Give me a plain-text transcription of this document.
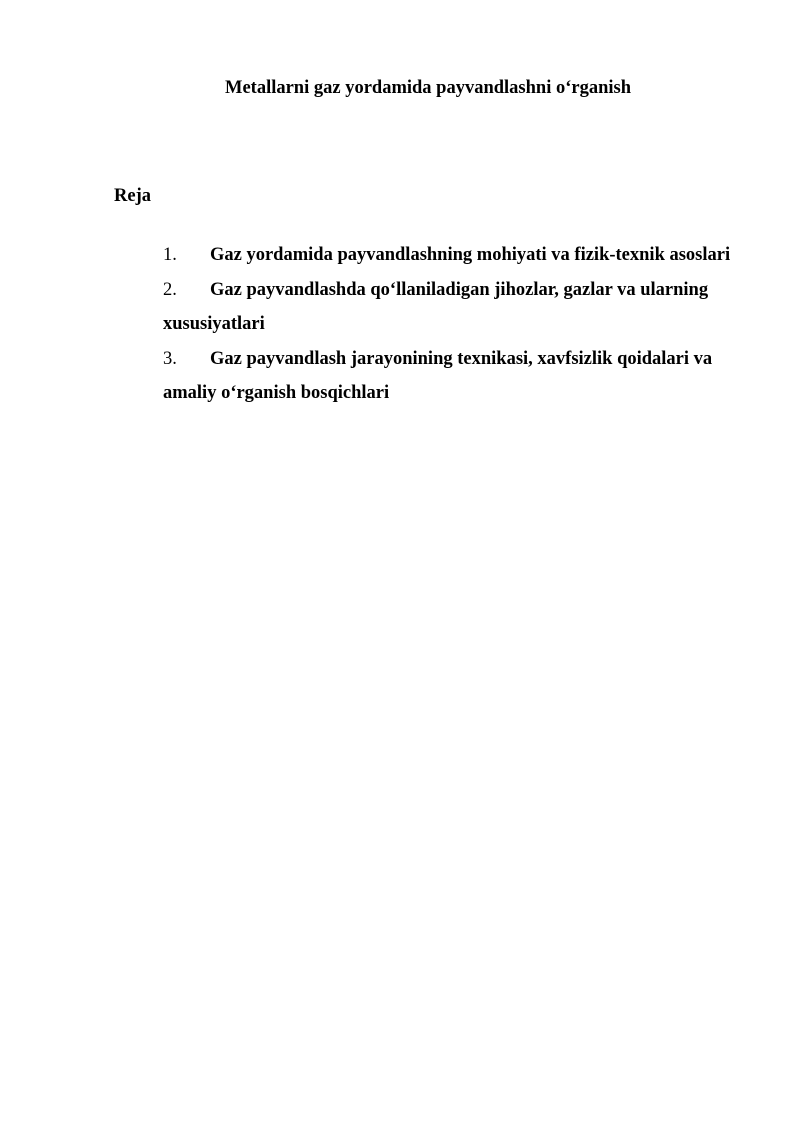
Metallarni gaz yordamida payvandlashni o‘rganish
Reja
1. Gaz yordamida payvandlashning mohiyati va fizik-texnik asoslari
2. Gaz payvandlashda qo‘llaniladigan jihozlar, gazlar va ularning xususiyatlari
3. Gaz payvandlash jarayonining texnikasi, xavfsizlik qoidalari va amaliy o‘rganish bosqichlari
